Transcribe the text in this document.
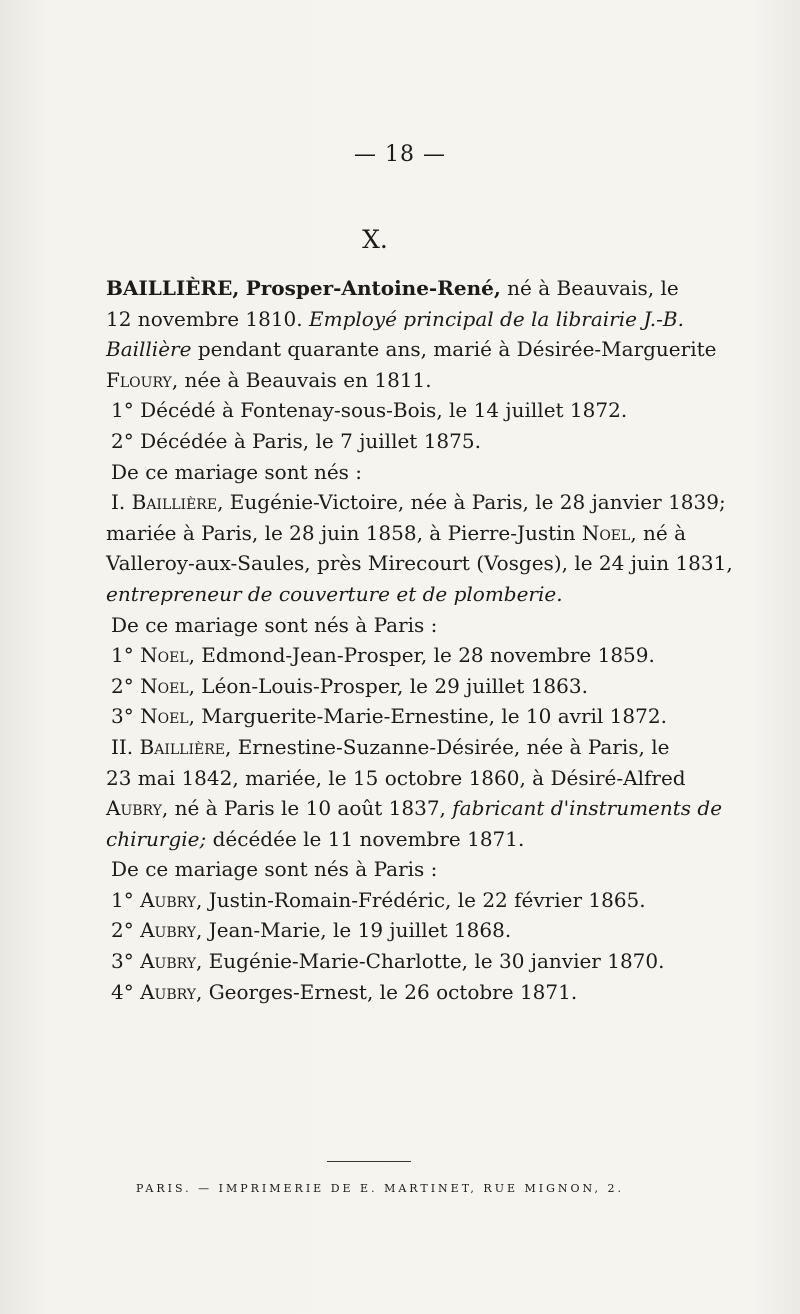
— 18 —
X.
BAILLIÈRE, Prosper-Antoine-René, né à Beauvais, le
12 novembre 1810. Employé principal de la librairie J.-B.
Baillière pendant quarante ans, marié à Désirée-Marguerite
Floury, née à Beauvais en 1811.
1° Décédé à Fontenay-sous-Bois, le 14 juillet 1872.
2° Décédée à Paris, le 7 juillet 1875.
De ce mariage sont nés :
I. Baillière, Eugénie-Victoire, née à Paris, le 28 janvier 1839;
mariée à Paris, le 28 juin 1858, à Pierre-Justin Noel, né à
Valleroy-aux-Saules, près Mirecourt (Vosges), le 24 juin 1831,
entrepreneur de couverture et de plomberie.
De ce mariage sont nés à Paris :
1° Noel, Edmond-Jean-Prosper, le 28 novembre 1859.
2° Noel, Léon-Louis-Prosper, le 29 juillet 1863.
3° Noel, Marguerite-Marie-Ernestine, le 10 avril 1872.
II. Baillière, Ernestine-Suzanne-Désirée, née à Paris, le
23 mai 1842, mariée, le 15 octobre 1860, à Désiré-Alfred
Aubry, né à Paris le 10 août 1837, fabricant d'instruments de
chirurgie; décédée le 11 novembre 1871.
De ce mariage sont nés à Paris :
1° Aubry, Justin-Romain-Frédéric, le 22 février 1865.
2° Aubry, Jean-Marie, le 19 juillet 1868.
3° Aubry, Eugénie-Marie-Charlotte, le 30 janvier 1870.
4° Aubry, Georges-Ernest, le 26 octobre 1871.
PARIS. — IMPRIMERIE DE E. MARTINET, RUE MIGNON, 2.
